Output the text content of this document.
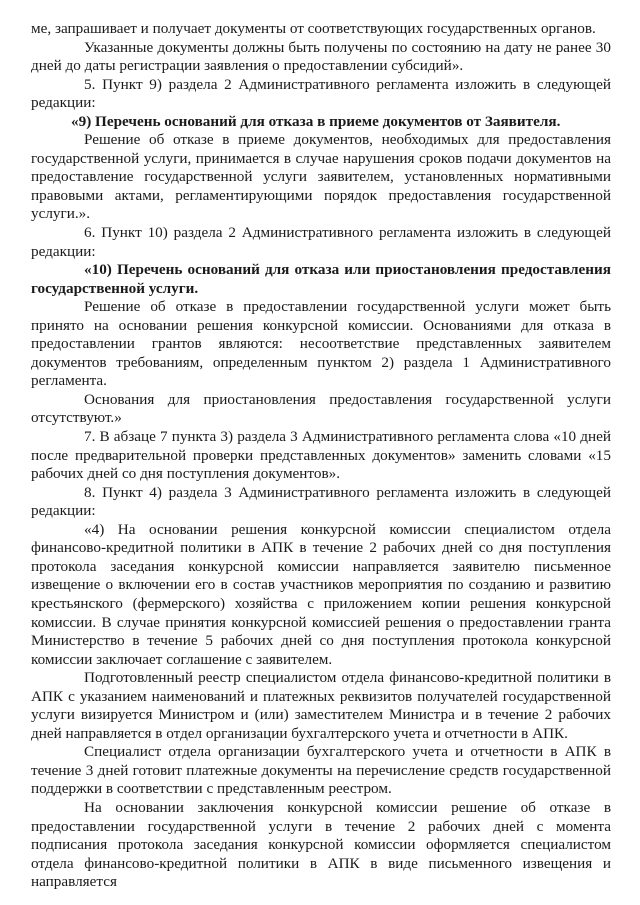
ме, запрашивает и получает документы от соответствующих государственных органов.

Указанные документы должны быть получены по состоянию на дату не ранее 30 дней до даты регистрации заявления о предоставлении субсидий».

5. Пункт 9) раздела 2 Административного регламента изложить в следующей редакции:

«9) Перечень оснований для отказа в приеме документов от Заявителя.

Решение об отказе в приеме документов, необходимых для предоставления государственной услуги, принимается в случае нарушения сроков подачи документов на предоставление государственной услуги заявителем, установленных нормативными правовыми актами, регламентирующими порядок предоставления государственной услуги.».

6. Пункт 10) раздела 2 Административного регламента изложить в следующей редакции:

«10) Перечень оснований для отказа или приостановления предоставления государственной услуги.

Решение об отказе в предоставлении государственной услуги может быть принято на основании решения конкурсной комиссии. Основаниями для отказа в предоставлении грантов являются: несоответствие представленных заявителем документов требованиям, определенным пунктом 2) раздела 1 Административного регламента.

Основания для приостановления предоставления государственной услуги отсутствуют.»

7. В абзаце 7 пункта 3) раздела 3 Административного регламента слова «10 дней после предварительной проверки представленных документов» заменить словами «15 рабочих дней со дня поступления документов».

8. Пункт 4) раздела 3 Административного регламента изложить в следующей редакции:

«4) На основании решения конкурсной комиссии специалистом отдела финансово-кредитной политики в АПК в течение 2 рабочих дней со дня поступления протокола заседания конкурсной комиссии направляется заявителю письменное извещение о включении его в состав участников мероприятия по созданию и развитию крестьянского (фермерского) хозяйства с приложением копии решения конкурсной комиссии. В случае принятия конкурсной комиссией решения о предоставлении гранта Министерство в течение 5 рабочих дней со дня поступления протокола конкурсной комиссии заключает соглашение с заявителем.

Подготовленный реестр специалистом отдела финансово-кредитной политики в АПК с указанием наименований и платежных реквизитов получателей государственной услуги визируется Министром и (или) заместителем Министра и в течение 2 рабочих дней направляется в отдел организации бухгалтерского учета и отчетности в АПК.

Специалист отдела организации бухгалтерского учета и отчетности в АПК в течение 3 дней готовит платежные документы на перечисление средств государственной поддержки в соответствии с представленным реестром.

На основании заключения конкурсной комиссии решение об отказе в предоставлении государственной услуги в течение 2 рабочих дней с момента подписания протокола заседания конкурсной комиссии оформляется специалистом отдела финансово-кредитной политики в АПК в виде письменного извещения и направляется
